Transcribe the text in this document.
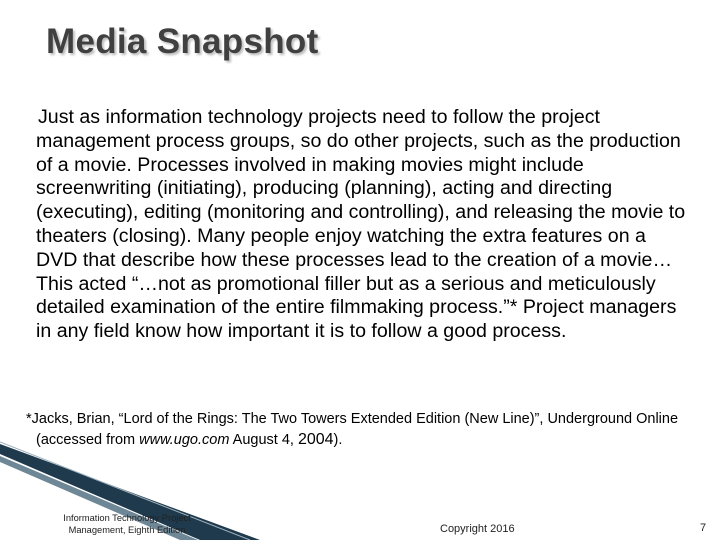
Media Snapshot

Just as information technology projects need to follow the project management process groups, so do other projects, such as the production of a movie. Processes involved in making movies might include screenwriting (initiating), producing (planning), acting and directing (executing), editing (monitoring and controlling), and releasing the movie to theaters (closing). Many people enjoy watching the extra features on a DVD that describe how these processes lead to the creation of a movie… This acted “…not as promotional filler but as a serious and meticulously detailed examination of the entire filmmaking process.”* Project managers in any field know how important it is to follow a good process.

*Jacks, Brian, “Lord of the Rings: The Two Towers Extended Edition (New Line)”, Underground Online (accessed from www.ugo.com August 4, 2004).

Information Technology Project
Management, Eighth Edition	Copyright 2016	7
